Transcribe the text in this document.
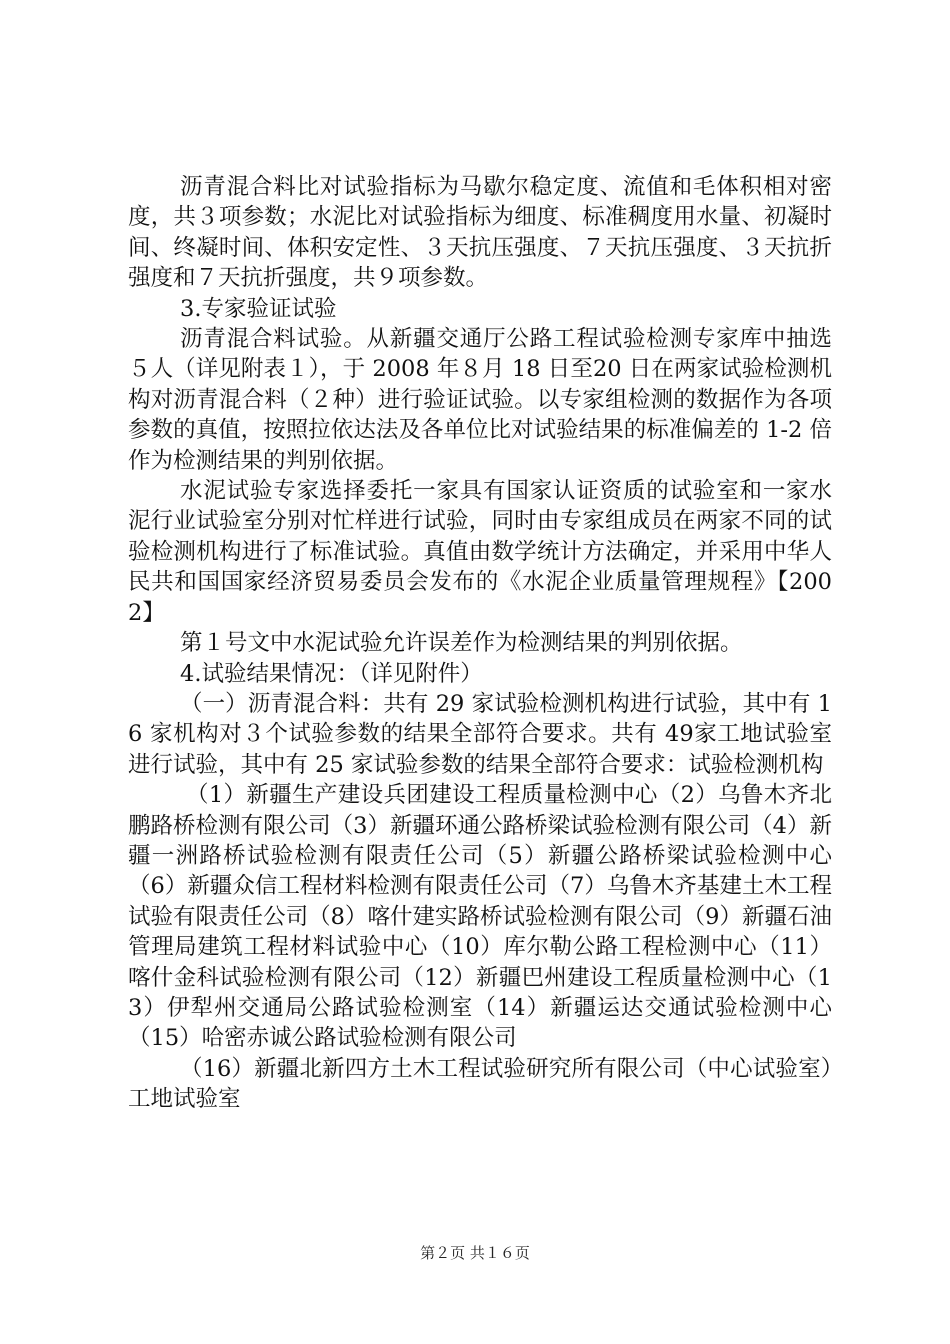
沥青混合料比对试验指标为马歇尔稳定度、流值和毛体积相对密度，共３项参数；水泥比对试验指标为细度、标准稠度用水量、初凝时间、终凝时间、体积安定性、３天抗压强度、７天抗压强度、３天抗折强度和７天抗折强度，共９项参数。

3.专家验证试验

沥青混合料试验。从新疆交通厅公路工程试验检测专家库中抽选５人（详见附表１），于 2008 年８月 18 日至20 日在两家试验检测机构对沥青混合料（２种）进行验证试验。以专家组检测的数据作为各项参数的真值，按照拉依达法及各单位比对试验结果的标准偏差的 1-2 倍作为检测结果的判别依据。

水泥试验专家选择委托一家具有国家认证资质的试验室和一家水泥行业试验室分别对忙样进行试验，同时由专家组成员在两家不同的试验检测机构进行了标准试验。真值由数学统计方法确定，并采用中华人民共和国国家经济贸易委员会发布的《水泥企业质量管理规程》【2002】

第１号文中水泥试验允许误差作为检测结果的判别依据。

4.试验结果情况：（详见附件）

（一）沥青混合料：共有 29 家试验检测机构进行试验，其中有 16 家机构对３个试验参数的结果全部符合要求。共有 49家工地试验室进行试验，其中有 25 家试验参数的结果全部符合要求：试验检测机构

（1）新疆生产建设兵团建设工程质量检测中心（2）乌鲁木齐北鹏路桥检测有限公司（3）新疆环通公路桥梁试验检测有限公司（4）新疆一洲路桥试验检测有限责任公司（5）新疆公路桥梁试验检测中心（6）新疆众信工程材料检测有限责任公司（7）乌鲁木齐基建土木工程试验有限责任公司（8）喀什建实路桥试验检测有限公司（9）新疆石油管理局建筑工程材料试验中心（10）库尔勒公路工程检测中心（11）喀什金科试验检测有限公司（12）新疆巴州建设工程质量检测中心（13）伊犁州交通局公路试验检测室（14）新疆运达交通试验检测中心（15）哈密赤诚公路试验检测有限公司

（16）新疆北新四方土木工程试验研究所有限公司（中心试验室）工地试验室

第２页 共１６页
